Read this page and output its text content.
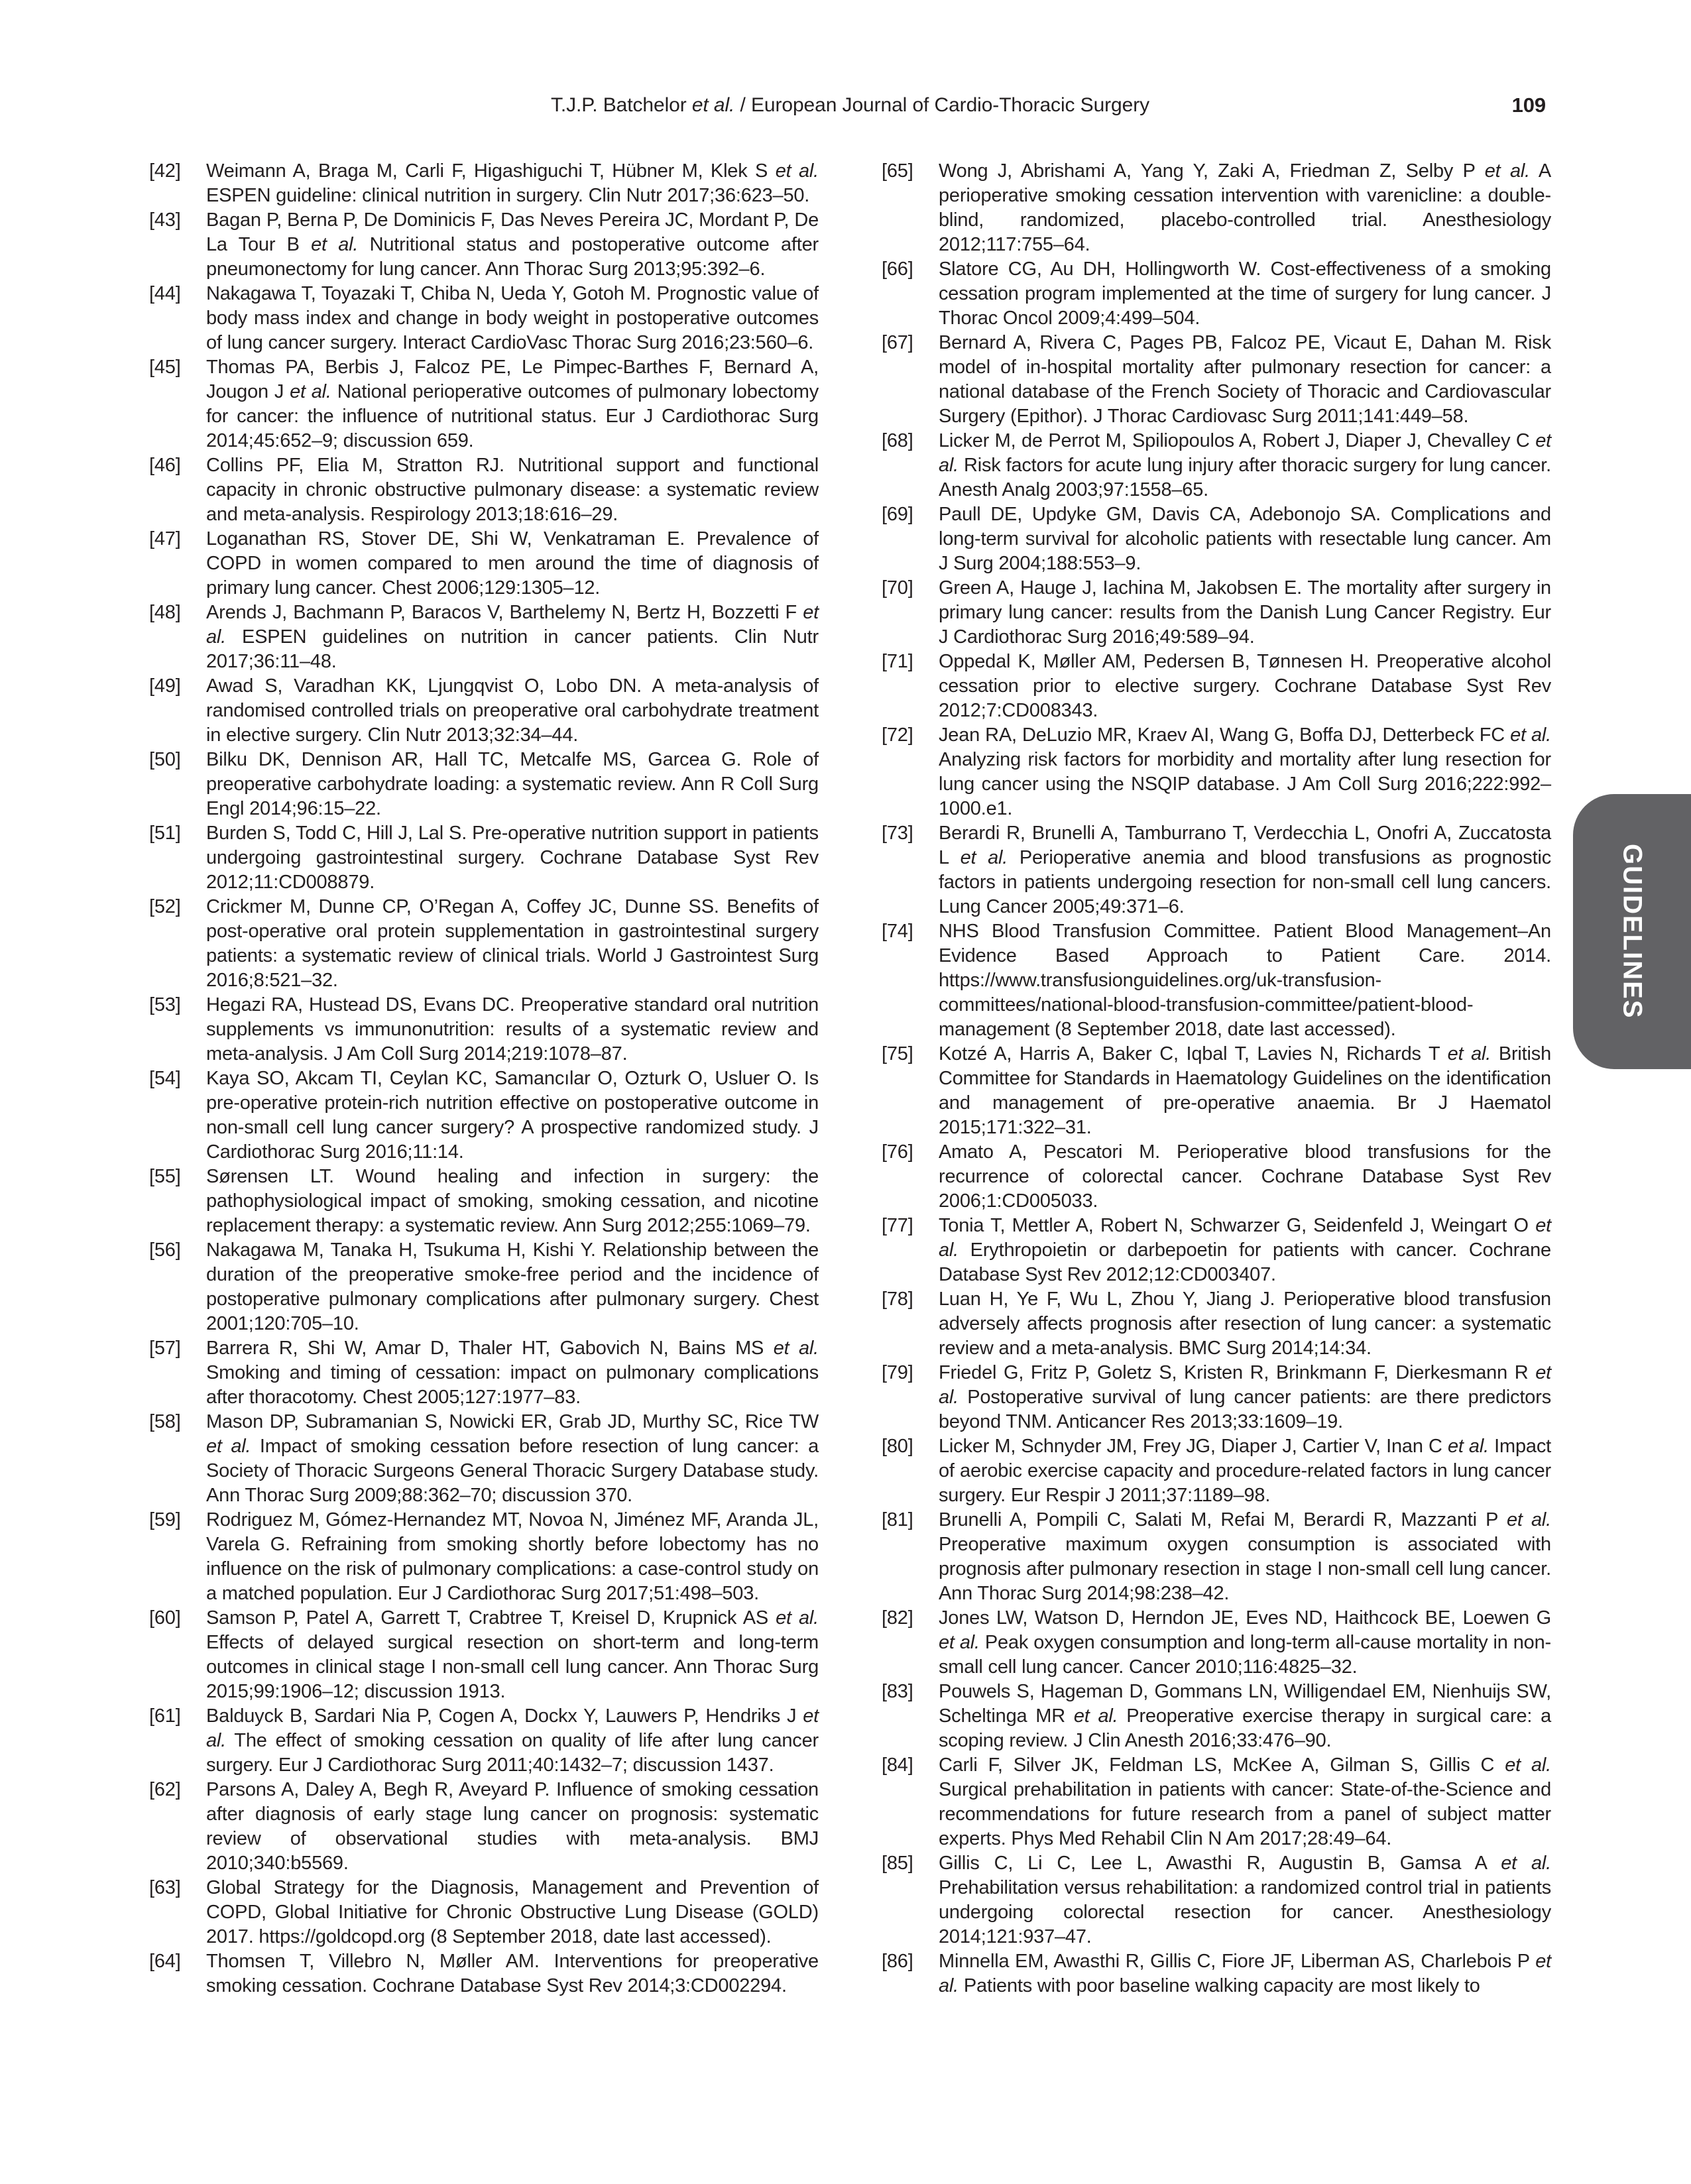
T.J.P. Batchelor et al. / European Journal of Cardio-Thoracic Surgery	109

[42] Weimann A, Braga M, Carli F, Higashiguchi T, Hübner M, Klek S et al. ESPEN guideline: clinical nutrition in surgery. Clin Nutr 2017;36:623–50.

[43] Bagan P, Berna P, De Dominicis F, Das Neves Pereira JC, Mordant P, De La Tour B et al. Nutritional status and postoperative outcome after pneumonectomy for lung cancer. Ann Thorac Surg 2013;95:392–6.

[44] Nakagawa T, Toyazaki T, Chiba N, Ueda Y, Gotoh M. Prognostic value of body mass index and change in body weight in postoperative outcomes of lung cancer surgery. Interact CardioVasc Thorac Surg 2016;23:560–6.

[45] Thomas PA, Berbis J, Falcoz PE, Le Pimpec-Barthes F, Bernard A, Jougon J et al. National perioperative outcomes of pulmonary lobectomy for cancer: the influence of nutritional status. Eur J Cardiothorac Surg 2014;45:652–9; discussion 659.

[46] Collins PF, Elia M, Stratton RJ. Nutritional support and functional capacity in chronic obstructive pulmonary disease: a systematic review and meta-analysis. Respirology 2013;18:616–29.

[47] Loganathan RS, Stover DE, Shi W, Venkatraman E. Prevalence of COPD in women compared to men around the time of diagnosis of primary lung cancer. Chest 2006;129:1305–12.

[48] Arends J, Bachmann P, Baracos V, Barthelemy N, Bertz H, Bozzetti F et al. ESPEN guidelines on nutrition in cancer patients. Clin Nutr 2017;36:11–48.

[49] Awad S, Varadhan KK, Ljungqvist O, Lobo DN. A meta-analysis of randomised controlled trials on preoperative oral carbohydrate treatment in elective surgery. Clin Nutr 2013;32:34–44.

[50] Bilku DK, Dennison AR, Hall TC, Metcalfe MS, Garcea G. Role of preoperative carbohydrate loading: a systematic review. Ann R Coll Surg Engl 2014;96:15–22.

[51] Burden S, Todd C, Hill J, Lal S. Pre-operative nutrition support in patients undergoing gastrointestinal surgery. Cochrane Database Syst Rev 2012;11:CD008879.

[52] Crickmer M, Dunne CP, O’Regan A, Coffey JC, Dunne SS. Benefits of post-operative oral protein supplementation in gastrointestinal surgery patients: a systematic review of clinical trials. World J Gastrointest Surg 2016;8:521–32.

[53] Hegazi RA, Hustead DS, Evans DC. Preoperative standard oral nutrition supplements vs immunonutrition: results of a systematic review and meta-analysis. J Am Coll Surg 2014;219:1078–87.

[54] Kaya SO, Akcam TI, Ceylan KC, Samancılar O, Ozturk O, Usluer O. Is pre-operative protein-rich nutrition effective on postoperative outcome in non-small cell lung cancer surgery? A prospective randomized study. J Cardiothorac Surg 2016;11:14.

[55] Sørensen LT. Wound healing and infection in surgery: the pathophysiological impact of smoking, smoking cessation, and nicotine replacement therapy: a systematic review. Ann Surg 2012;255:1069–79.

[56] Nakagawa M, Tanaka H, Tsukuma H, Kishi Y. Relationship between the duration of the preoperative smoke-free period and the incidence of postoperative pulmonary complications after pulmonary surgery. Chest 2001;120:705–10.

[57] Barrera R, Shi W, Amar D, Thaler HT, Gabovich N, Bains MS et al. Smoking and timing of cessation: impact on pulmonary complications after thoracotomy. Chest 2005;127:1977–83.

[58] Mason DP, Subramanian S, Nowicki ER, Grab JD, Murthy SC, Rice TW et al. Impact of smoking cessation before resection of lung cancer: a Society of Thoracic Surgeons General Thoracic Surgery Database study. Ann Thorac Surg 2009;88:362–70; discussion 370.

[59] Rodriguez M, Gómez-Hernandez MT, Novoa N, Jiménez MF, Aranda JL, Varela G. Refraining from smoking shortly before lobectomy has no influence on the risk of pulmonary complications: a case-control study on a matched population. Eur J Cardiothorac Surg 2017;51:498–503.

[60] Samson P, Patel A, Garrett T, Crabtree T, Kreisel D, Krupnick AS et al. Effects of delayed surgical resection on short-term and long-term outcomes in clinical stage I non-small cell lung cancer. Ann Thorac Surg 2015;99:1906–12; discussion 1913.

[61] Balduyck B, Sardari Nia P, Cogen A, Dockx Y, Lauwers P, Hendriks J et al. The effect of smoking cessation on quality of life after lung cancer surgery. Eur J Cardiothorac Surg 2011;40:1432–7; discussion 1437.

[62] Parsons A, Daley A, Begh R, Aveyard P. Influence of smoking cessation after diagnosis of early stage lung cancer on prognosis: systematic review of observational studies with meta-analysis. BMJ 2010;340:b5569.

[63] Global Strategy for the Diagnosis, Management and Prevention of COPD, Global Initiative for Chronic Obstructive Lung Disease (GOLD) 2017. https://goldcopd.org (8 September 2018, date last accessed).

[64] Thomsen T, Villebro N, Møller AM. Interventions for preoperative smoking cessation. Cochrane Database Syst Rev 2014;3:CD002294.

[65] Wong J, Abrishami A, Yang Y, Zaki A, Friedman Z, Selby P et al. A perioperative smoking cessation intervention with varenicline: a double-blind, randomized, placebo-controlled trial. Anesthesiology 2012;117:755–64.

[66] Slatore CG, Au DH, Hollingworth W. Cost-effectiveness of a smoking cessation program implemented at the time of surgery for lung cancer. J Thorac Oncol 2009;4:499–504.

[67] Bernard A, Rivera C, Pages PB, Falcoz PE, Vicaut E, Dahan M. Risk model of in-hospital mortality after pulmonary resection for cancer: a national database of the French Society of Thoracic and Cardiovascular Surgery (Epithor). J Thorac Cardiovasc Surg 2011;141:449–58.

[68] Licker M, de Perrot M, Spiliopoulos A, Robert J, Diaper J, Chevalley C et al. Risk factors for acute lung injury after thoracic surgery for lung cancer. Anesth Analg 2003;97:1558–65.

[69] Paull DE, Updyke GM, Davis CA, Adebonojo SA. Complications and long-term survival for alcoholic patients with resectable lung cancer. Am J Surg 2004;188:553–9.

[70] Green A, Hauge J, Iachina M, Jakobsen E. The mortality after surgery in primary lung cancer: results from the Danish Lung Cancer Registry. Eur J Cardiothorac Surg 2016;49:589–94.

[71] Oppedal K, Møller AM, Pedersen B, Tønnesen H. Preoperative alcohol cessation prior to elective surgery. Cochrane Database Syst Rev 2012;7:CD008343.

[72] Jean RA, DeLuzio MR, Kraev AI, Wang G, Boffa DJ, Detterbeck FC et al. Analyzing risk factors for morbidity and mortality after lung resection for lung cancer using the NSQIP database. J Am Coll Surg 2016;222:992–1000.e1.

[73] Berardi R, Brunelli A, Tamburrano T, Verdecchia L, Onofri A, Zuccatosta L et al. Perioperative anemia and blood transfusions as prognostic factors in patients undergoing resection for non-small cell lung cancers. Lung Cancer 2005;49:371–6.

[74] NHS Blood Transfusion Committee. Patient Blood Management–An Evidence Based Approach to Patient Care. 2014. https://www.transfusionguidelines.org/uk-transfusion-committees/national-blood-transfusion-committee/patient-blood-management (8 September 2018, date last accessed).

[75] Kotzé A, Harris A, Baker C, Iqbal T, Lavies N, Richards T et al. British Committee for Standards in Haematology Guidelines on the identification and management of pre-operative anaemia. Br J Haematol 2015;171:322–31.

[76] Amato A, Pescatori M. Perioperative blood transfusions for the recurrence of colorectal cancer. Cochrane Database Syst Rev 2006;1:CD005033.

[77] Tonia T, Mettler A, Robert N, Schwarzer G, Seidenfeld J, Weingart O et al. Erythropoietin or darbepoetin for patients with cancer. Cochrane Database Syst Rev 2012;12:CD003407.

[78] Luan H, Ye F, Wu L, Zhou Y, Jiang J. Perioperative blood transfusion adversely affects prognosis after resection of lung cancer: a systematic review and a meta-analysis. BMC Surg 2014;14:34.

[79] Friedel G, Fritz P, Goletz S, Kristen R, Brinkmann F, Dierkesmann R et al. Postoperative survival of lung cancer patients: are there predictors beyond TNM. Anticancer Res 2013;33:1609–19.

[80] Licker M, Schnyder JM, Frey JG, Diaper J, Cartier V, Inan C et al. Impact of aerobic exercise capacity and procedure-related factors in lung cancer surgery. Eur Respir J 2011;37:1189–98.

[81] Brunelli A, Pompili C, Salati M, Refai M, Berardi R, Mazzanti P et al. Preoperative maximum oxygen consumption is associated with prognosis after pulmonary resection in stage I non-small cell lung cancer. Ann Thorac Surg 2014;98:238–42.

[82] Jones LW, Watson D, Herndon JE, Eves ND, Haithcock BE, Loewen G et al. Peak oxygen consumption and long-term all-cause mortality in non-small cell lung cancer. Cancer 2010;116:4825–32.

[83] Pouwels S, Hageman D, Gommans LN, Willigendael EM, Nienhuijs SW, Scheltinga MR et al. Preoperative exercise therapy in surgical care: a scoping review. J Clin Anesth 2016;33:476–90.

[84] Carli F, Silver JK, Feldman LS, McKee A, Gilman S, Gillis C et al. Surgical prehabilitation in patients with cancer: State-of-the-Science and recommendations for future research from a panel of subject matter experts. Phys Med Rehabil Clin N Am 2017;28:49–64.

[85] Gillis C, Li C, Lee L, Awasthi R, Augustin B, Gamsa A et al. Prehabilitation versus rehabilitation: a randomized control trial in patients undergoing colorectal resection for cancer. Anesthesiology 2014;121:937–47.

[86] Minnella EM, Awasthi R, Gillis C, Fiore JF, Liberman AS, Charlebois P et al. Patients with poor baseline walking capacity are most likely to

GUIDELINES
